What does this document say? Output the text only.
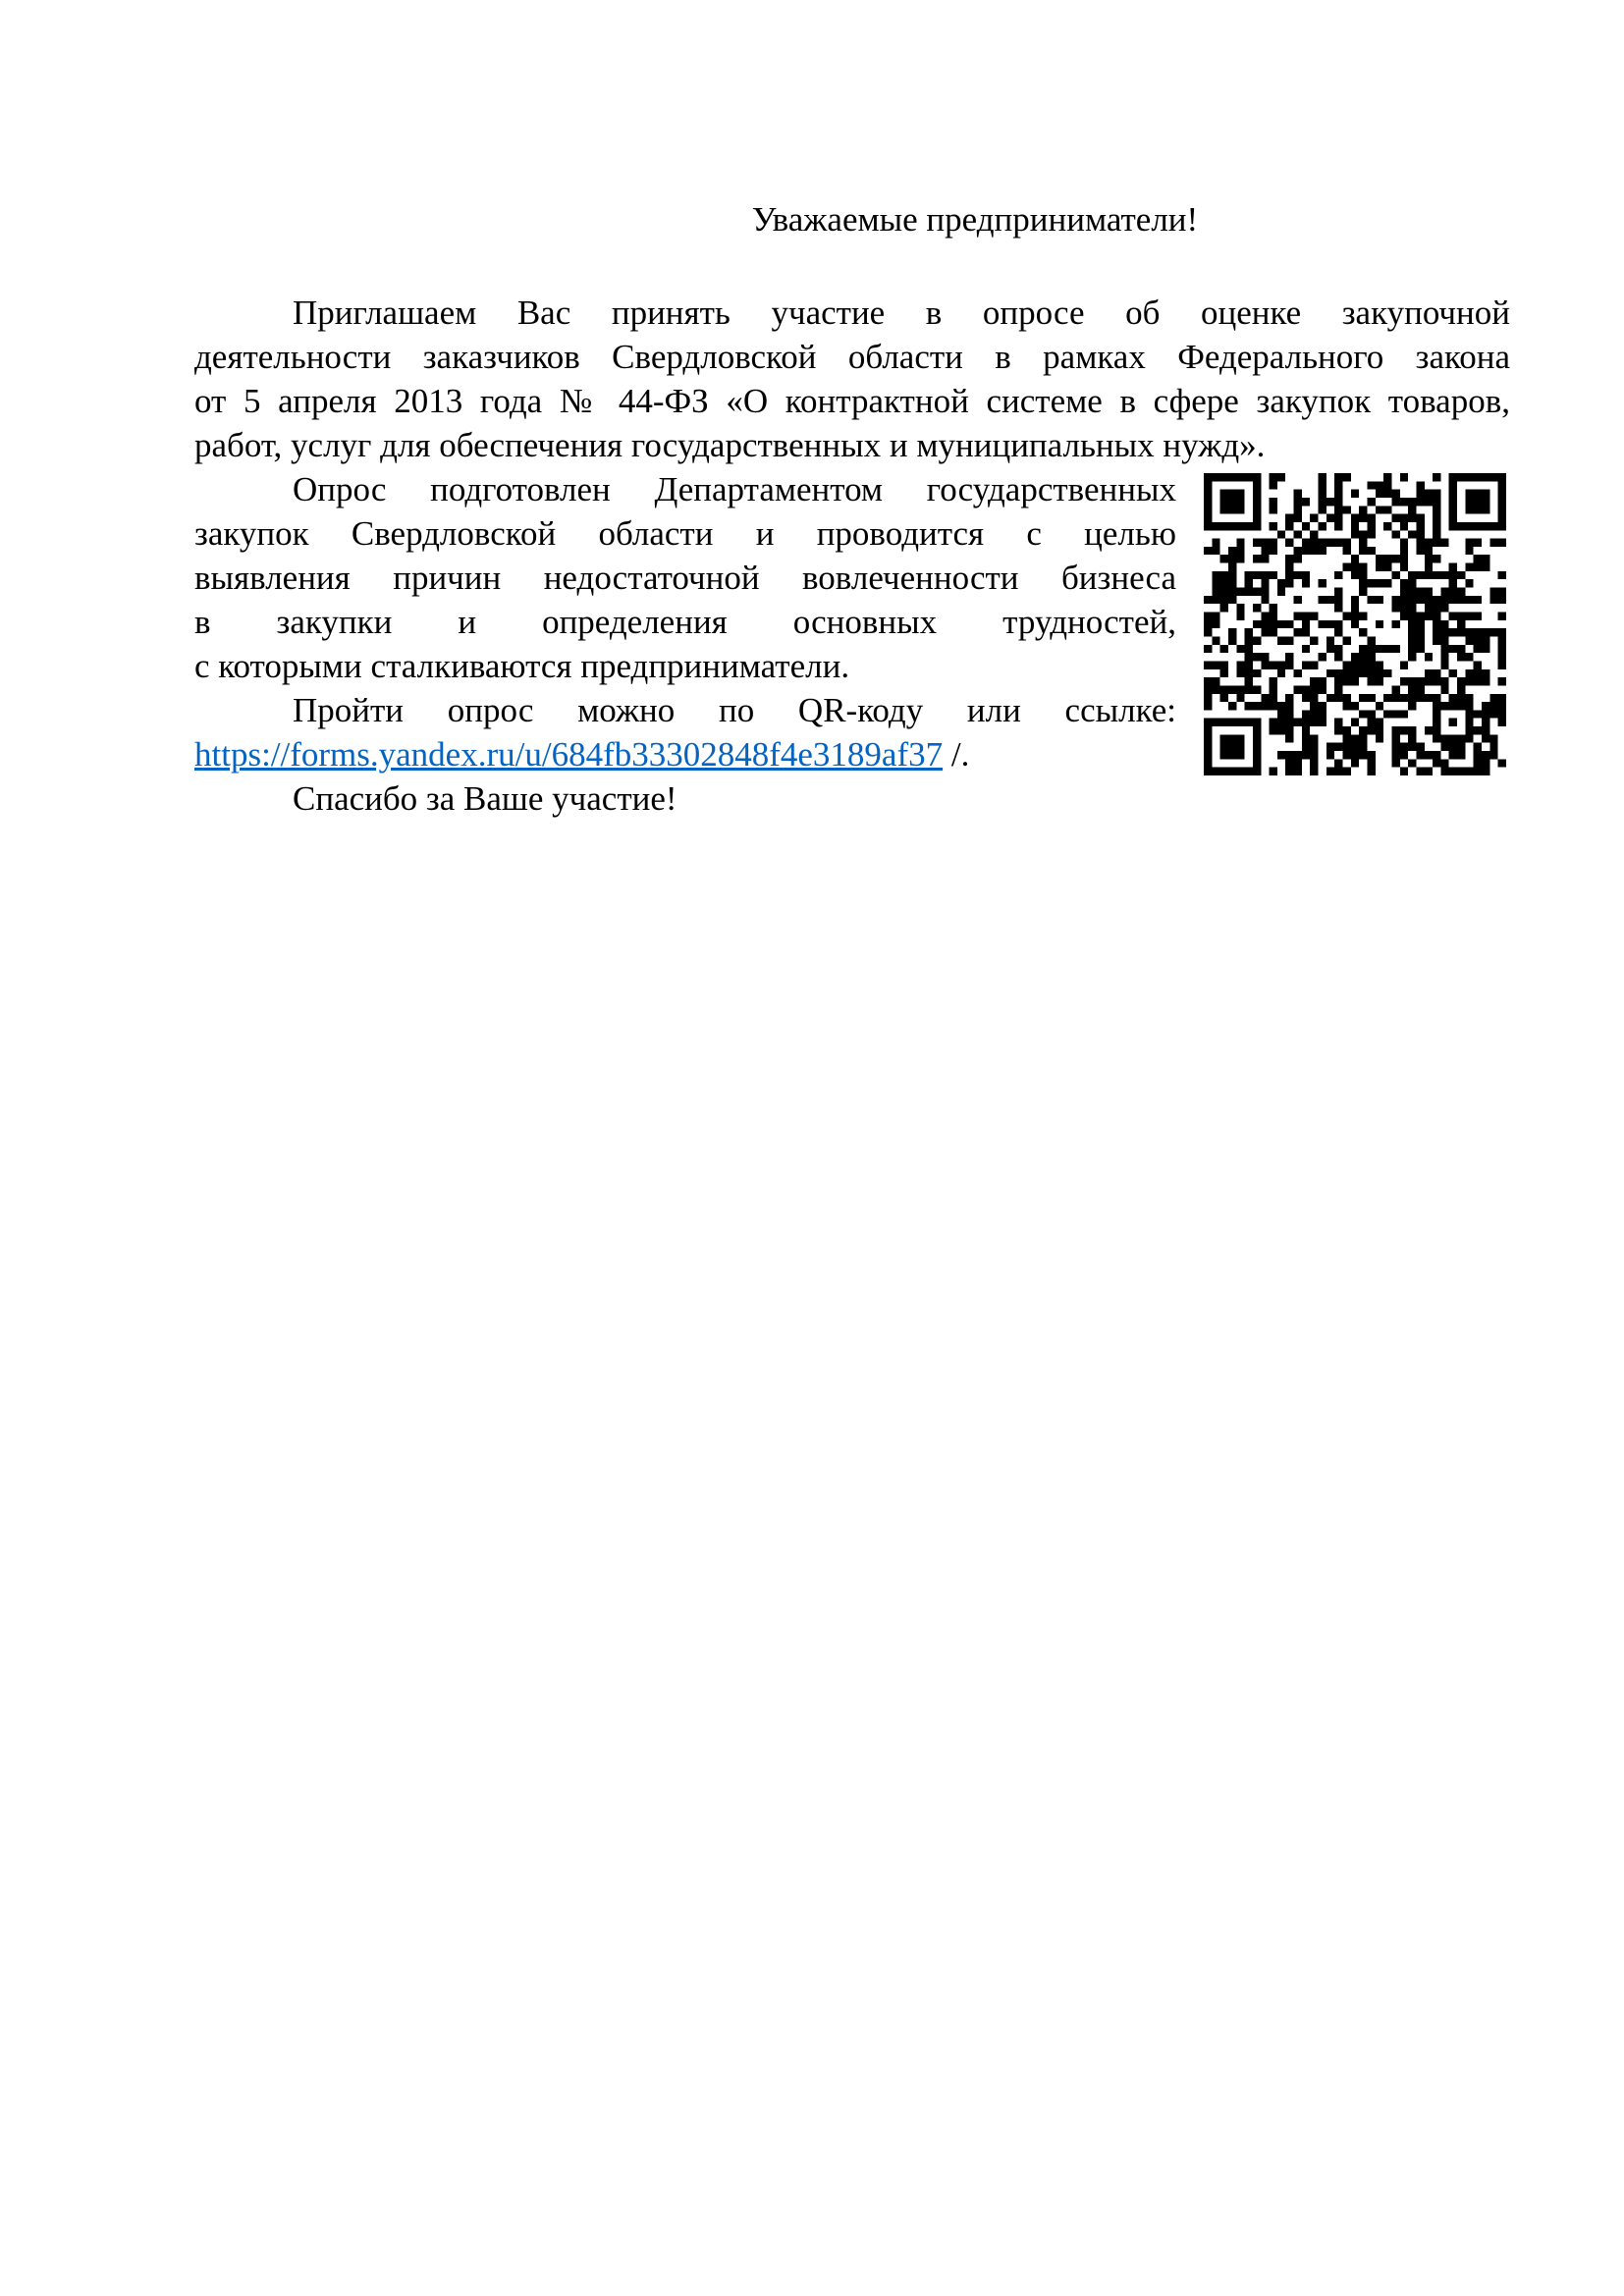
Уважаемые предприниматели!
Приглашаем Вас принять участие в опросе об оценке закупочной
деятельности заказчиков Свердловской области в рамках Федерального закона
от 5 апреля 2013 года № 44-ФЗ «О контрактной системе в сфере закупок товаров,
работ, услуг для обеспечения государственных и муниципальных нужд».
Опрос подготовлен Департаментом государственных
закупок Свердловской области и проводится с целью
выявления причин недостаточной вовлеченности бизнеса
в закупки и определения основных трудностей,
с которыми сталкиваются предприниматели.
Пройти опрос можно по QR-коду или ссылке:
https://forms.yandex.ru/u/684fb33302848f4e3189af37 /.
Спасибо за Ваше участие!
